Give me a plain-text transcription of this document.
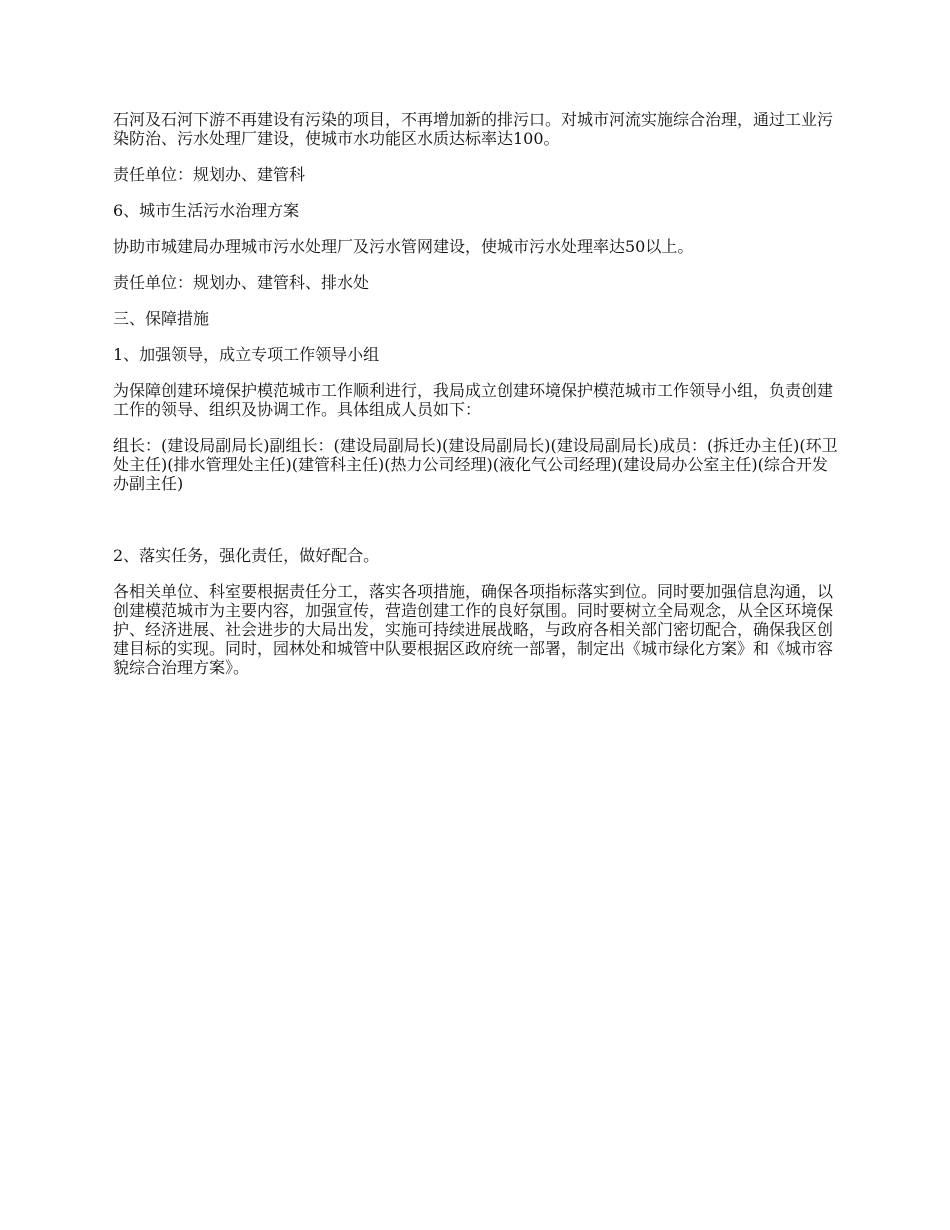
石河及石河下游不再建设有污染的项目，不再增加新的排污口。对城市河流实施综合治理，通过工业污染防治、污水处理厂建设，使城市水功能区水质达标率达100。

责任单位：规划办、建管科

6、城市生活污水治理方案

协助市城建局办理城市污水处理厂及污水管网建设，使城市污水处理率达50以上。

责任单位：规划办、建管科、排水处

三、保障措施

1、加强领导，成立专项工作领导小组

为保障创建环境保护模范城市工作顺利进行，我局成立创建环境保护模范城市工作领导小组，负责创建工作的领导、组织及协调工作。具体组成人员如下：

组长：(建设局副局长)副组长：(建设局副局长)(建设局副局长)(建设局副局长)成员：(拆迁办主任)(环卫处主任)(排水管理处主任)(建管科主任)(热力公司经理)(液化气公司经理)(建设局办公室主任)(综合开发办副主任)

2、落实任务，强化责任，做好配合。

各相关单位、科室要根据责任分工，落实各项措施，确保各项指标落实到位。同时要加强信息沟通，以创建模范城市为主要内容，加强宣传，营造创建工作的良好氛围。同时要树立全局观念，从全区环境保护、经济进展、社会进步的大局出发，实施可持续进展战略，与政府各相关部门密切配合，确保我区创建目标的实现。同时，园林处和城管中队要根据区政府统一部署，制定出《城市绿化方案》和《城市容貌综合治理方案》。
